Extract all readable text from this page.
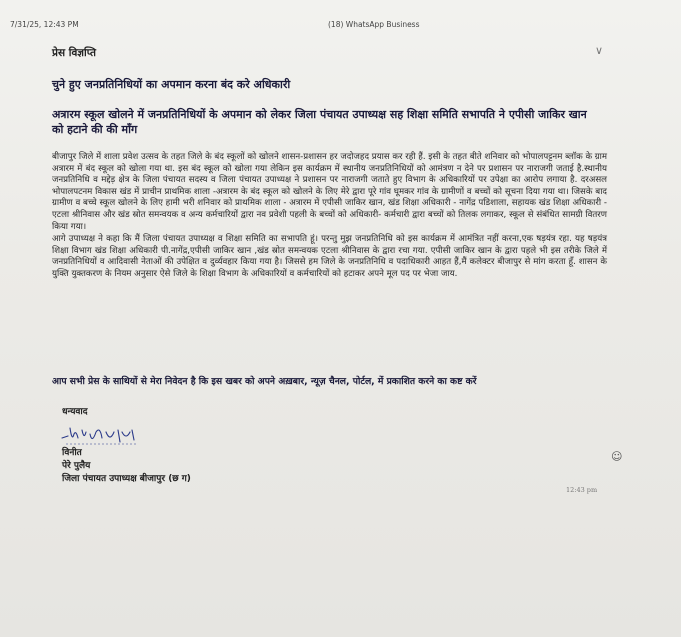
7/31/25, 12:43 PM	(18) WhatsApp Business
∨
प्रेस विज्ञप्ति
चुने हुए जनप्रतिनिधियों का अपमान करना बंद करे अधिकारी
अत्रारम स्कूल खोलने में जनप्रतिनिधियों के अपमान को लेकर जिला पंचायत उपाध्यक्ष सह शिक्षा समिति सभापति ने एपीसी जाकिर खान को हटाने की की माँग

बीजापुर जिले में शाला प्रवेश उत्सव के तहत जिले के बंद स्कूलों को खोलने शासन-प्रशासन हर जदोजहद प्रयास कर रही हैं. इसी के तहत बीते शनिवार को भोपालपट्टनम ब्लॉक के ग्राम अत्रारम में बंद स्कूल को खोला गया था. इस बंद स्कूल को खोला गया लेकिन इस कार्यक्रम में स्थानीय जनप्रतिनिधियों को आमंत्रण न देने पर प्रशासन पर नाराजगी जताई है.स्थानीय जनप्रतिनिधि व मद्देड़ क्षेत्र के जिला पंचायत सदस्य व जिला पंचायत उपाध्यक्ष ने प्रशासन पर नाराजगी जताते हुए विभाग के अधिकारियों पर उपेक्षा का आरोप लगाया है. दरअसल भोपालपटनम विकास खंड में प्राचीन प्राथमिक शाला -अत्रारम के बंद स्कूल को खोलने के लिए मेरे द्वारा पूरे गांव घूमकर गांव के ग्रामीणों व बच्चों को सूचना दिया गया था। जिसके बाद ग्रामीण व बच्चे स्कूल खोलने के लिए हामी भरी शनिवार को प्राथमिक शाला - अत्रारम में एपीसी जाकिर खान, खंड शिक्षा अधिकारी - नागेंद्र पडिशाला, सहायक खंड शिक्षा अधिकारी - एटला श्रीनिवास और खंड स्रोत समन्वयक व अन्य कर्मचारियों द्वारा नव प्रवेशी पहली के बच्चों को अधिकारी- कर्मचारी द्वारा बच्चों को तिलक लगाकर, स्कूल से संबंधित सामग्री वितरण किया गया।

आगे उपाध्यक्ष ने कहा कि मैं जिला पंचायत उपाध्यक्ष व शिक्षा समिति का सभापति हूं। परन्तु मुझ जनप्रतिनिधि को इस कार्यक्रम में आमंत्रित नहीं करना,एक षड़यंत्र रहा. यह षड़यंत्र शिक्षा विभाग खंड शिक्षा अधिकारी पी.नागेंद्र,एपीसी जाकिर खान ,खंड स्रोत समन्वयक एटला श्रीनिवास के द्वारा रचा गया. एपीसी जाकिर खान के द्वारा पहले भी इस तरीके जिले में जनप्रतिनिधियों व आदिवासी नेताओं की उपेक्षित व दुर्व्यवहार किया गया है। जिससे हम जिले के जनप्रतिनिधि व पदाधिकारी आहत हैं,मैं कलेक्टर बीजापुर से मांग करता हूँ. शासन के युक्ति युक्तकरण के नियम अनुसार ऐसे जिले के शिक्षा विभाग के अधिकारियों व कर्मचारियों को हटाकर अपने मूल पद पर भेजा जाय.

आप सभी प्रेस के साथियों से मेरा निवेदन है कि इस खबर को अपने अख़बार, न्यूज़ चैनल, पोर्टल, में प्रकाशित करने का कष्ट करें
धन्यवाद
विनीत
पेरे पुलैय
जिला पंचायत उपाध्यक्ष बीजापुर (छ ग)
☺
12:43 pm
